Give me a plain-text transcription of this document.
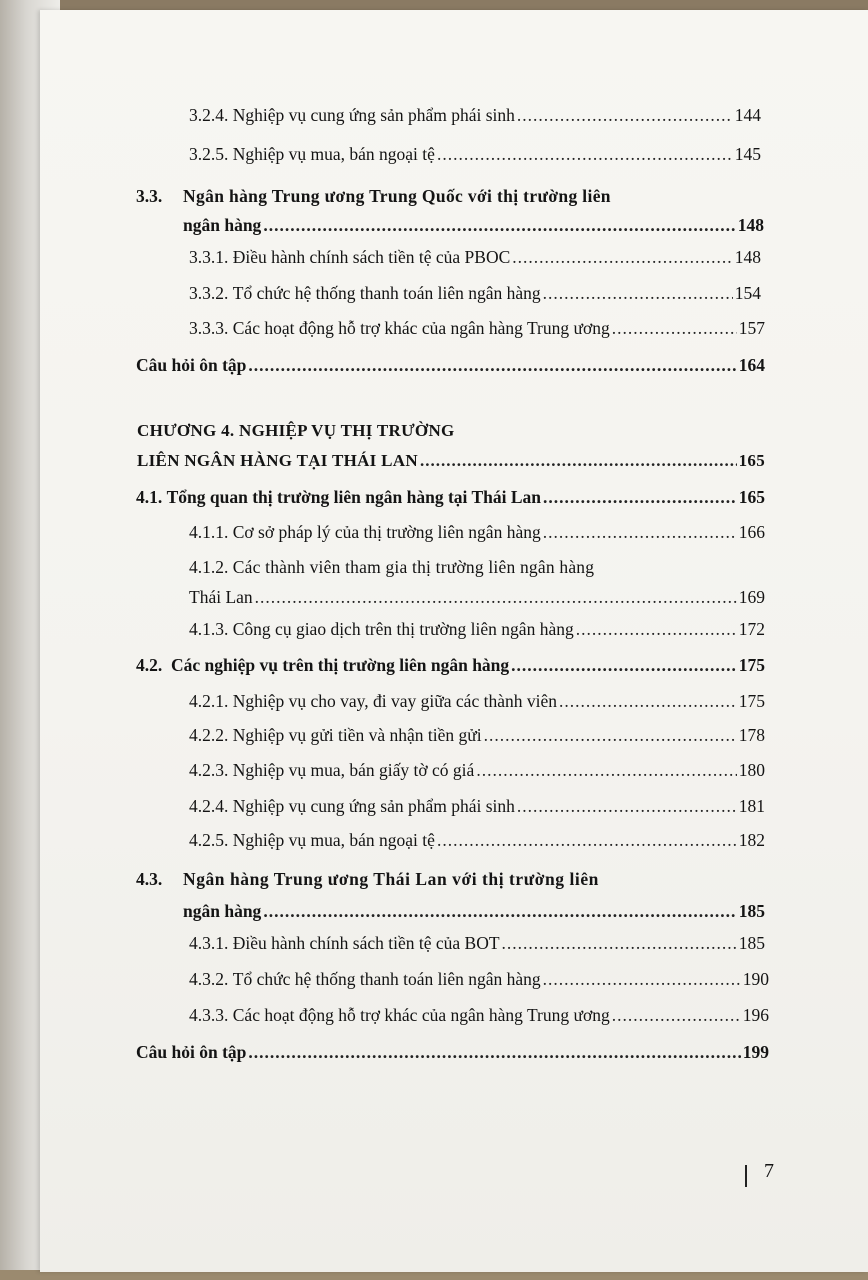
3.2.4.
Nghiệp vụ cung ứng sản phẩm phái sinh .....	144
3.2.5.
Nghiệp vụ mua, bán ngoại tệ .....	145
3.3. Ngân hàng Trung ương Trung Quốc với thị trường liên
ngân hàng .....	148
3.3.1.
Điều hành chính sách tiền tệ của PBOC .....	148
3.3.2.
Tổ chức hệ thống thanh toán liên ngân hàng .....	154
3.3.3.
Các hoạt động hỗ trợ khác của ngân hàng Trung ương .....	157
Câu hỏi ôn tập .....	164
CHƯƠNG 4. NGHIỆP VỤ THỊ TRƯỜNG
LIÊN NGÂN HÀNG TẠI THÁI LAN .....	165
4.1.
Tổng quan thị trường liên ngân hàng tại Thái Lan .....	165
4.1.1.
Cơ sở pháp lý của thị trường liên ngân hàng .....	166
4.1.2. Các thành viên tham gia thị trường liên ngân hàng
Thái Lan .....	169
4.1.3.
Công cụ giao dịch trên thị trường liên ngân hàng .....	172
4.2.
Các nghiệp vụ trên thị trường liên ngân hàng .....	175
4.2.1.
Nghiệp vụ cho vay, đi vay giữa các thành viên .....	175
4.2.2.
Nghiệp vụ gửi tiền và nhận tiền gửi .....	178
4.2.3.
Nghiệp vụ mua, bán giấy tờ có giá .....	180
4.2.4.
Nghiệp vụ cung ứng sản phẩm phái sinh .....	181
4.2.5.
Nghiệp vụ mua, bán ngoại tệ .....	182
4.3. Ngân hàng Trung ương Thái Lan với thị trường liên
ngân hàng .....	185
4.3.1.
Điều hành chính sách tiền tệ của BOT .....	185
4.3.2.
Tổ chức hệ thống thanh toán liên ngân hàng .....	190
4.3.3.
Các hoạt động hỗ trợ khác của ngân hàng Trung ương .....	196
Câu hỏi ôn tập .....	199
7
